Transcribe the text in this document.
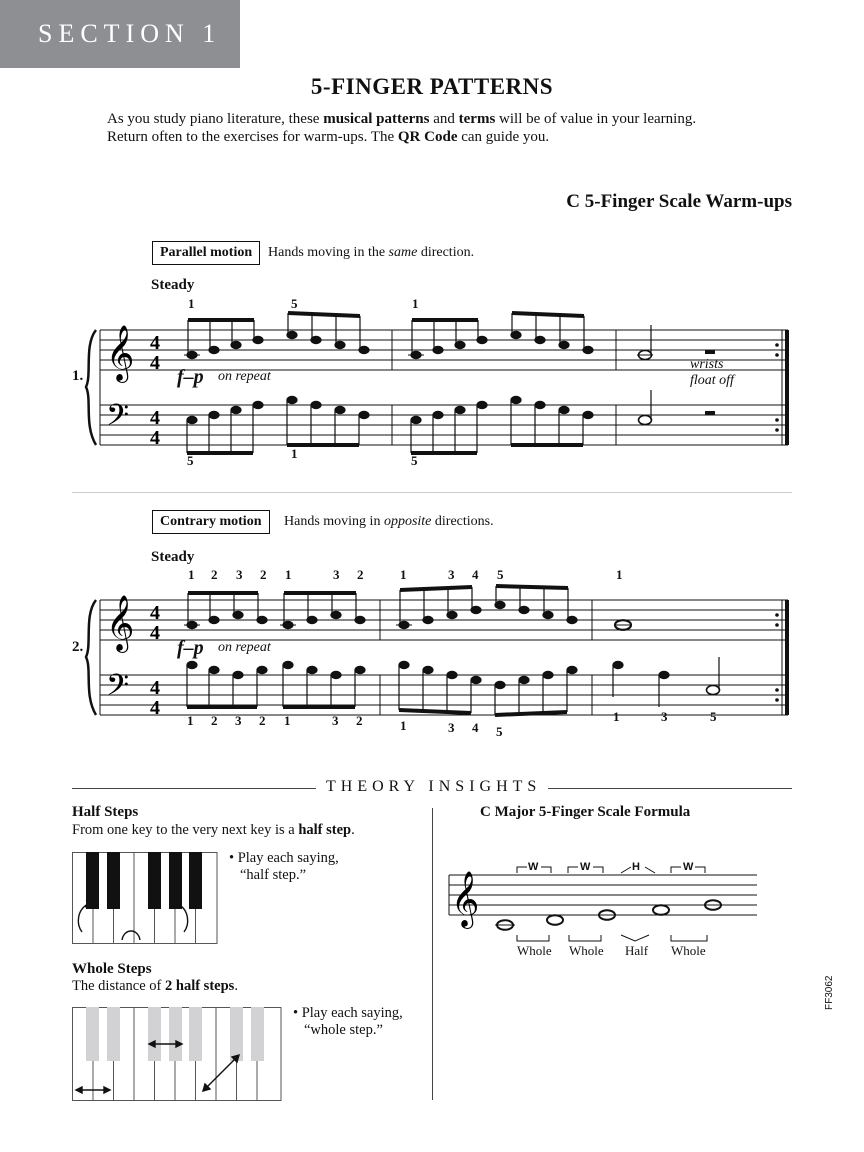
SECTION 1
5-FINGER PATTERNS
As you study piano literature, these musical patterns and terms will be of value in your learning.
Return often to the exercises for warm-ups. The QR Code can guide you.
C 5-Finger Scale Warm-ups
Parallel motion	Hands moving in the same direction.
Steady
1. 𝄞
𝄢
4
4
4
4
1	5	1
5	1	5
f–p on repeat
wrists
float off
Contrary motion	Hands moving in opposite directions.
Steady
2. 𝄞
𝄢
4
4
4
4
1 2 3 2 1	3 2	1	3 4 5	1
1 2 3 2 1	3 2	1	3 4 5
1	3	5
f–p on repeat
THEORY INSIGHTS
Half Steps
From one key to the very next key is a half step.
• Play each saying,
“half step.”
Whole Steps
The distance of 2 half steps.
• Play each saying,
“whole step.”
C Major 5-Finger Scale Formula
𝄞
W	W	H	W
Whole Whole Half Whole
FF3062
